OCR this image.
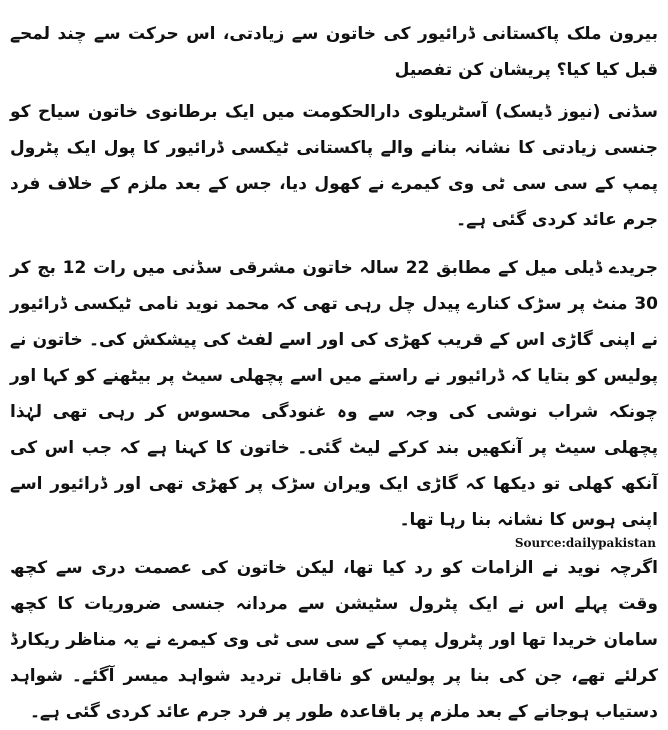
بیرون ملک پاکستانی ڈرائیور کی خاتون سے زیادتی، اس حرکت سے چند لمحے قبل کیا کیا؟ پریشان کن تفصیل

سڈنی (نیوز ڈیسک) آسٹریلوی دارالحکومت میں ایک برطانوی خاتون سیاح کو جنسی زیادتی کا نشانہ بنانے والے پاکستانی ٹیکسی ڈرائیور کا پول ایک پٹرول پمپ کے سی سی ٹی وی کیمرے نے کھول دیا، جس کے بعد ملزم کے خلاف فرد جرم عائد کردی گئی ہے۔

جریدے ڈیلی میل کے مطابق 22 سالہ خاتون مشرقی سڈنی میں رات 12 بج کر 30 منٹ پر سڑک کنارے پیدل چل رہی تھی کہ محمد نوید نامی ٹیکسی ڈرائیور نے اپنی گاڑی اس کے قریب کھڑی کی اور اسے لفٹ کی پیشکش کی۔ خاتون نے پولیس کو بتایا کہ ڈرائیور نے راستے میں اسے پچھلی سیٹ پر بیٹھنے کو کہا اور چونکہ شراب نوشی کی وجہ سے وہ غنودگی محسوس کر رہی تھی لہٰذا پچھلی سیٹ پر آنکھیں بند کرکے لیٹ گئی۔ خاتون کا کہنا ہے کہ جب اس کی آنکھ کھلی تو دیکھا کہ گاڑی ایک ویران سڑک پر کھڑی تھی اور ڈرائیور اسے اپنی ہوس کا نشانہ بنا رہا تھا۔

اگرچہ نوید نے الزامات کو رد کیا تھا، لیکن خاتون کی عصمت دری سے کچھ وقت پہلے اس نے ایک پٹرول سٹیشن سے مردانہ جنسی ضروریات کا کچھ سامان خریدا تھا اور پٹرول پمپ کے سی سی ٹی وی کیمرے نے یہ مناظر ریکارڈ کرلئے تھے، جن کی بنا پر پولیس کو ناقابل تردید شواہد میسر آگئے۔ شواہد دستیاب ہوجانے کے بعد ملزم پر باقاعدہ طور پر فرد جرم عائد کردی گئی ہے۔

Source:dailypakistan
